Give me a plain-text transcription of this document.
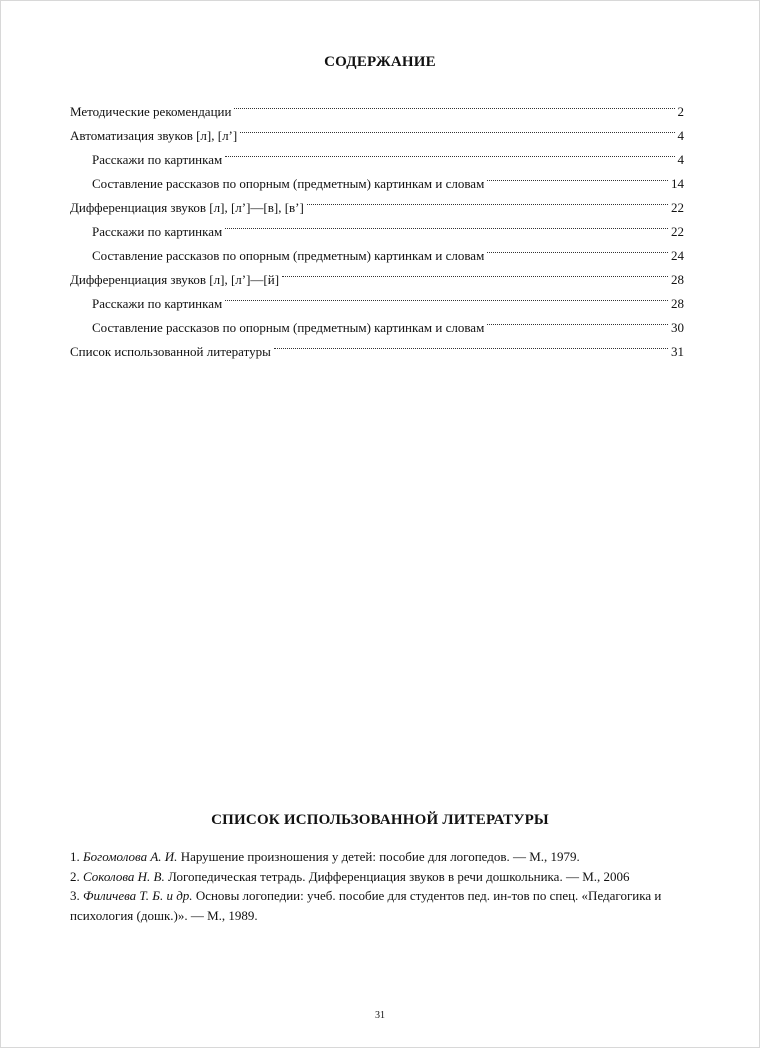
СОДЕРЖАНИЕ
Методические рекомендации	2
Автоматизация звуков [л], [л’]	4
Расскажи по картинкам	4
Составление рассказов по опорным (предметным) картинкам и словам	14
Дифференциация звуков [л], [л’]—[в], [в’]	22
Расскажи по картинкам	22
Составление рассказов по опорным (предметным) картинкам и словам	24
Дифференциация звуков [л], [л’]—[й]	28
Расскажи по картинкам	28
Составление рассказов по опорным (предметным) картинкам и словам	30
Список использованной литературы	31
СПИСОК ИСПОЛЬЗОВАННОЙ ЛИТЕРАТУРЫ

1. Богомолова А. И. Нарушение произношения у детей: пособие для логопедов. — М., 1979.

2. Соколова Н. В. Логопедическая тетрадь. Дифференциация звуков в речи дошкольника. — М., 2006

3. Филичева Т. Б. и др. Основы логопедии: учеб. пособие для студентов пед. ин-тов по спец. «Педагогика и психология (дошк.)». — М., 1989.

31
